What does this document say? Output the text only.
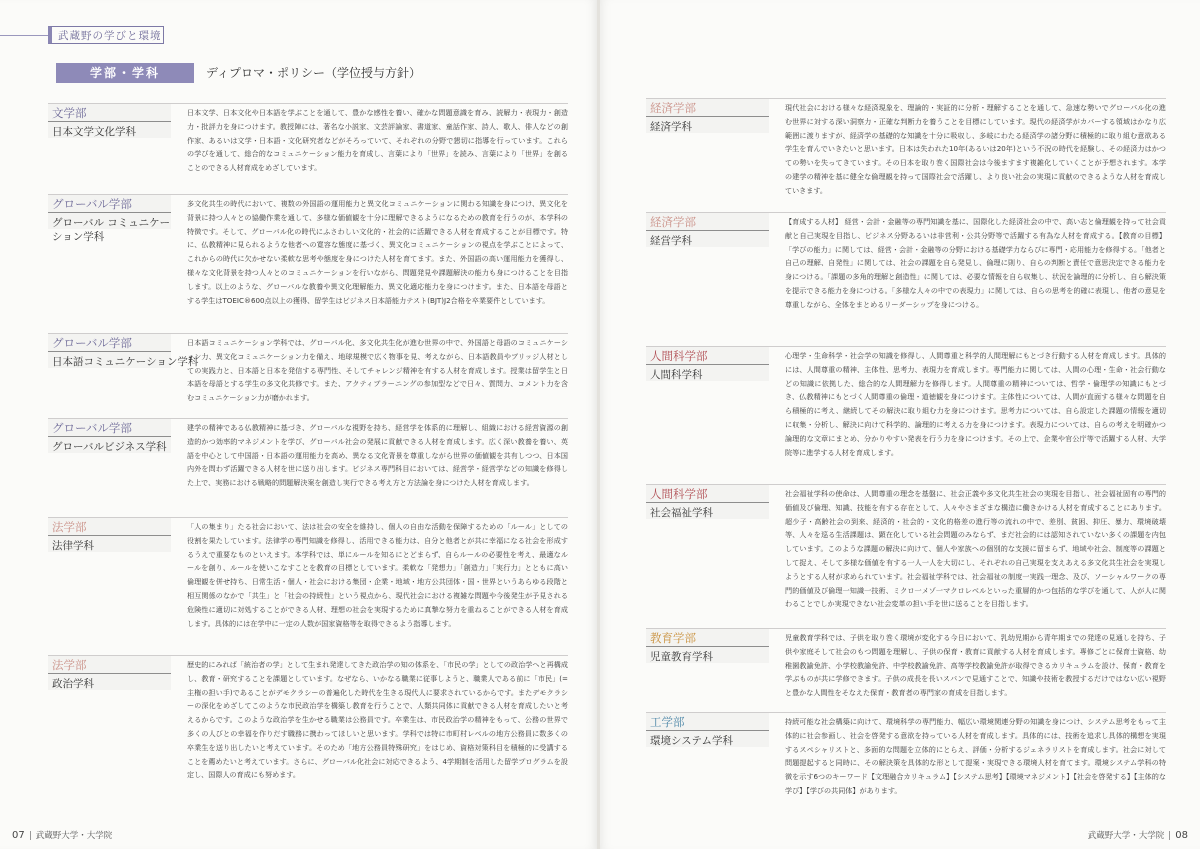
武蔵野の学びと環境
学部・学科	ディプロマ・ポリシー（学位授与方針）
文学部
日本文学文化学科
日本文学、日本文化や日本語を学ぶことを通して、豊かな感性を養い、確かな問題意識を育み、読解力・表現力・創造力・批評力を身につけます。教授陣には、著名な小説家、文芸評論家、書道家、童話作家、詩人、歌人、俳人などの創作家、あるいは文学・日本語・文化研究者などがそろっていて、それぞれの分野で懇切に指導を行っています。これらの学びを通して、総合的なコミュニケーション能力を育成し、言葉により「世界」を読み、言葉により「世界」を創ることのできる人材育成をめざしています。
グローバル学部
グローバル コミュニケーション学科
多文化共生の時代において、複数の外国語の運用能力と異文化コミュニケーションに関わる知識を身につけ、異文化を背景に持つ人々との協働作業を通して、多様な価値観を十分に理解できるようになるための教育を行うのが、本学科の特徴です。そして、グローバル化の時代にふさわしい文化的・社会的に活躍できる人材を育成することが目標です。特に、仏教精神に見られるような他者への寛容な態度に基づく、異文化コミュニケーションの視点を学ぶことによって、これからの時代に欠かせない柔軟な思考や態度を身につけた人材を育てます。また、外国語の高い運用能力を獲得し、様々な文化背景を持つ人々とのコミュニケーションを行いながら、問題発見や課題解決の能力も身につけることを目指します。以上のような、グローバルな教養や異文化理解能力、異文化適応能力を身につけます。また、日本語を母語とする学生はTOEIC®600点以上の獲得、留学生はビジネス日本語能力テスト(BJT)J2合格を卒業要件としています。
グローバル学部
日本語コミュニケーション学科
日本語コミュニケーション学科では、グローバル化、多文化共生化が進む世界の中で、外国語と母語のコミュニケーション力、異文化コミュニケーション力を備え、地球規模で広く物事を見、考えながら、日本語教員やブリッジ人材としての実践力と、日本語と日本を発信する専門性、そしてチャレンジ精神を有する人材を育成します。授業は留学生と日本語を母語とする学生の多文化共修です。また、アクティブラーニングの参加型などで日々、質問力、コメント力を含むコミュニケーション力が磨かれます。
グローバル学部
グローバルビジネス学科
建学の精神である仏教精神に基づき、グローバルな視野を持ち、経営学を体系的に理解し、組織における経営資源の創造的かつ効率的マネジメントを学び、グローバル社会の発展に貢献できる人材を育成します。広く深い教養を養い、英語を中心として中国語・日本語の運用能力を高め、異なる文化背景を尊重しながら世界の価値観を共有しつつ、日本国内外を問わず活躍できる人材を世に送り出します。ビジネス専門科目においては、経営学・経営学などの知識を修得した上で、実務における戦略的問題解決案を創造し実行できる考え方と方法論を身につけた人材を育成します。
法学部
法律学科
「人の集まり」たる社会において、法は社会の安全を維持し、個人の自由な活動を保障するための「ルール」としての役割を果たしています。法律学の専門知識を修得し、活用できる能力は、自分と他者とが共に幸福になる社会を形成するうえで重要なものといえます。本学科では、単にルールを知るにとどまらず、自らルールの必要性を考え、最適なルールを創り、ルールを使いこなすことを教育の目標としています。柔軟な「発想力」「創造力」「実行力」とともに高い倫理観を併せ持ち、日常生活・個人・社会における集団・企業・地域・地方公共団体・国・世界というあらゆる段階と相互関係のなかで「共生」と「社会の持続性」という視点から、現代社会における複雑な問題や今後発生が予見される危険性に適切に対処することができる人材、理想の社会を実現するために真摯な努力を重ねることができる人材を育成します。具体的には在学中に一定の人数が国家資格等を取得できるよう指導します。
法学部
政治学科
歴史的にみれば「統治者の学」として生まれ発達してきた政治学の知の体系を、「市民の学」としての政治学へと再構成し、教育・研究することを課題としています。なぜなら、いかなる職業に従事しようと、職業人である前に「市民」(=主権の担い手)であることがデモクラシーの普遍化した時代を生きる現代人に要求されているからです。またデモクラシーの深化をめざしてこのような市民政治学を構築し教育を行うことで、人類共同体に貢献できる人材を育成したいと考えるからです。このような政治学を生かせる職業は公務員です。卒業生は、市民政治学の精神をもって、公務の世界で多くの人びとの幸福を作りだす職務に携わってほしいと思います。学科では特に市町村レベルの地方公務員に数多くの卒業生を送り出したいと考えています。そのため「地方公務員特殊研究」をはじめ、資格対策科目を積極的に受講することを薦めたいと考えています。さらに、グローバル化社会に対応できるよう、4学期制を活用した留学プログラムを設定し、国際人の育成にも努めます。
07 武蔵野大学・大学院
経済学部
経済学科
現代社会における様々な経済現象を、理論的・実証的に分析・理解することを通して、急速な勢いでグローバル化の進む世界に対する深い洞察力・正確な判断力を養うことを目標にしています。現代の経済学がカバーする領域はかなり広範囲に渡りますが、経済学の基礎的な知識を十分に吸収し、多岐にわたる経済学の諸分野に積極的に取り組む意欲ある学生を育んでいきたいと思います。日本は失われた10年(あるいは20年)という不況の時代を経験し、その経済力はかつての勢いを失ってきています。その日本を取り巻く国際社会は今後ますます複雑化していくことが予想されます。本学の建学の精神を基に健全な倫理観を持って国際社会で活躍し、より良い社会の実現に貢献のできるような人材を育成していきます。
経済学部
経営学科
【育成する人材】 経営・会計・金融等の専門知識を基に、国際化した経済社会の中で、高い志と倫理観を持って社会貢献と自己実現を目指し、ビジネス分野あるいは非営利・公共分野等で活躍する有為な人材を育成する。【教育の目標】 「学びの能力」に関しては、経営・会計・金融等の分野における基礎学力ならびに専門・応用能力を修得する。「他者と自己の理解、自発性」に関しては、社会の課題を自ら発見し、倫理に則り、自らの判断と責任で意思決定できる能力を身につける。「課題の多角的理解と創造性」に関しては、必要な情報を自ら収集し、状況を論理的に分析し、自ら解決策を提示できる能力を身につける。「多様な人々の中での表現力」に関しては、自らの思考を的確に表現し、他者の意見を尊重しながら、全体をまとめるリーダーシップを身につける。
人間科学部
人間科学科
心理学・生命科学・社会学の知識を修得し、人間尊重と科学的人間理解にもとづき行動する人材を育成します。具体的には、人間尊重の精神、主体性、思考力、表現力を育成します。専門能力に関しては、人間の心理・生命・社会行動などの知識に依拠した、総合的な人間理解力を修得します。人間尊重の精神については、哲学・倫理学の知識にもとづき、仏教精神にもとづく人間尊重の倫理・道徳観を身につけます。主体性については、人間が直面する様々な問題を自ら積極的に考え、継続してその解決に取り組む力を身につけます。思考力については、自ら設定した課題の情報を適切に収集・分析し、解決に向けて科学的、論理的に考える力を身につけます。表現力については、自らの考えを明確かつ論理的な文章にまとめ、分かりやすい発表を行う力を身につけます。その上で、企業や官公庁等で活躍する人材、大学院等に進学する人材を育成します。
人間科学部
社会福祉学科
社会福祉学科の使命は、人間尊重の理念を基盤に、社会正義や多文化共生社会の実現を目指し、社会福祉固有の専門的価値及び倫理、知識、技能を有する存在として、人々やさまざまな構造に働きかける人材を育成することにあります。超少子・高齢社会の到来、経済的・社会的・文化的格差の進行等の流れの中で、差別、貧困、抑圧、暴力、環境破壊等、人々を巡る生活課題は、顕在化している社会問題のみならず、まだ社会的には認知されていない多くの課題を内包しています。このような課題の解決に向けて、個人や家族への個別的な支援に留まらず、地域や社会、制度等の課題として捉え、そして多様な価値を有する一人一人を大切にし、それぞれの自己実現を支えあえる多文化共生社会を実現しようとする人材が求められています。社会福祉学科では、社会福祉の制度一実践一理念、及び、ソーシャルワークの専門的価値及び倫理一知識一技術、ミクロ一メゾ一マクロレベルといった重層的かつ包括的な学びを通して、人が人に関わることでしか実現できない社会変革の担い手を世に送ることを目指します。
教育学部
児童教育学科
児童教育学科では、子供を取り巻く環境が変化する今日において、乳幼児期から青年期までの発達の見通しを持ち、子供や家庭そして社会のもつ問題を理解し、子供の保育・教育に貢献する人材を育成します。專修ごとに保育士資格、幼稚園教諭免許、小学校教諭免許、中学校教諭免許、高等学校教諭免許が取得できるカリキュラムを設け、保育・教育を学ぶものが共に学修できます。子供の成長を長いスパンで見通すことで、知識や技術を教授するだけではない広い視野と豊かな人間性をそなえた保育・教育者の専門家の育成を目指します。
工学部
環境システム学科
持続可能な社会構築に向けて、環境科学の専門能力、幅広い環境関連分野の知識を身につけ、システム思考をもって主体的に社会参画し、社会を啓発する意欲を持っている人材を育成します。具体的には、技術を追求し具体的構想を実現するスペシャリストと、多面的な問題を立体的にとらえ、評価・分析するジェネラリストを育成します。社会に対して問題提起すると同時に、その解決策を具体的な形として提案・実現できる環境人材を育てます。環境システム学科の特徴を示す6つのキーワード【文理融合カリキュラム】【システム思考】【環境マネジメント】【社会を啓発する】【主体的な学び】【学びの共同体】があります。
武蔵野大学・大学院 08
